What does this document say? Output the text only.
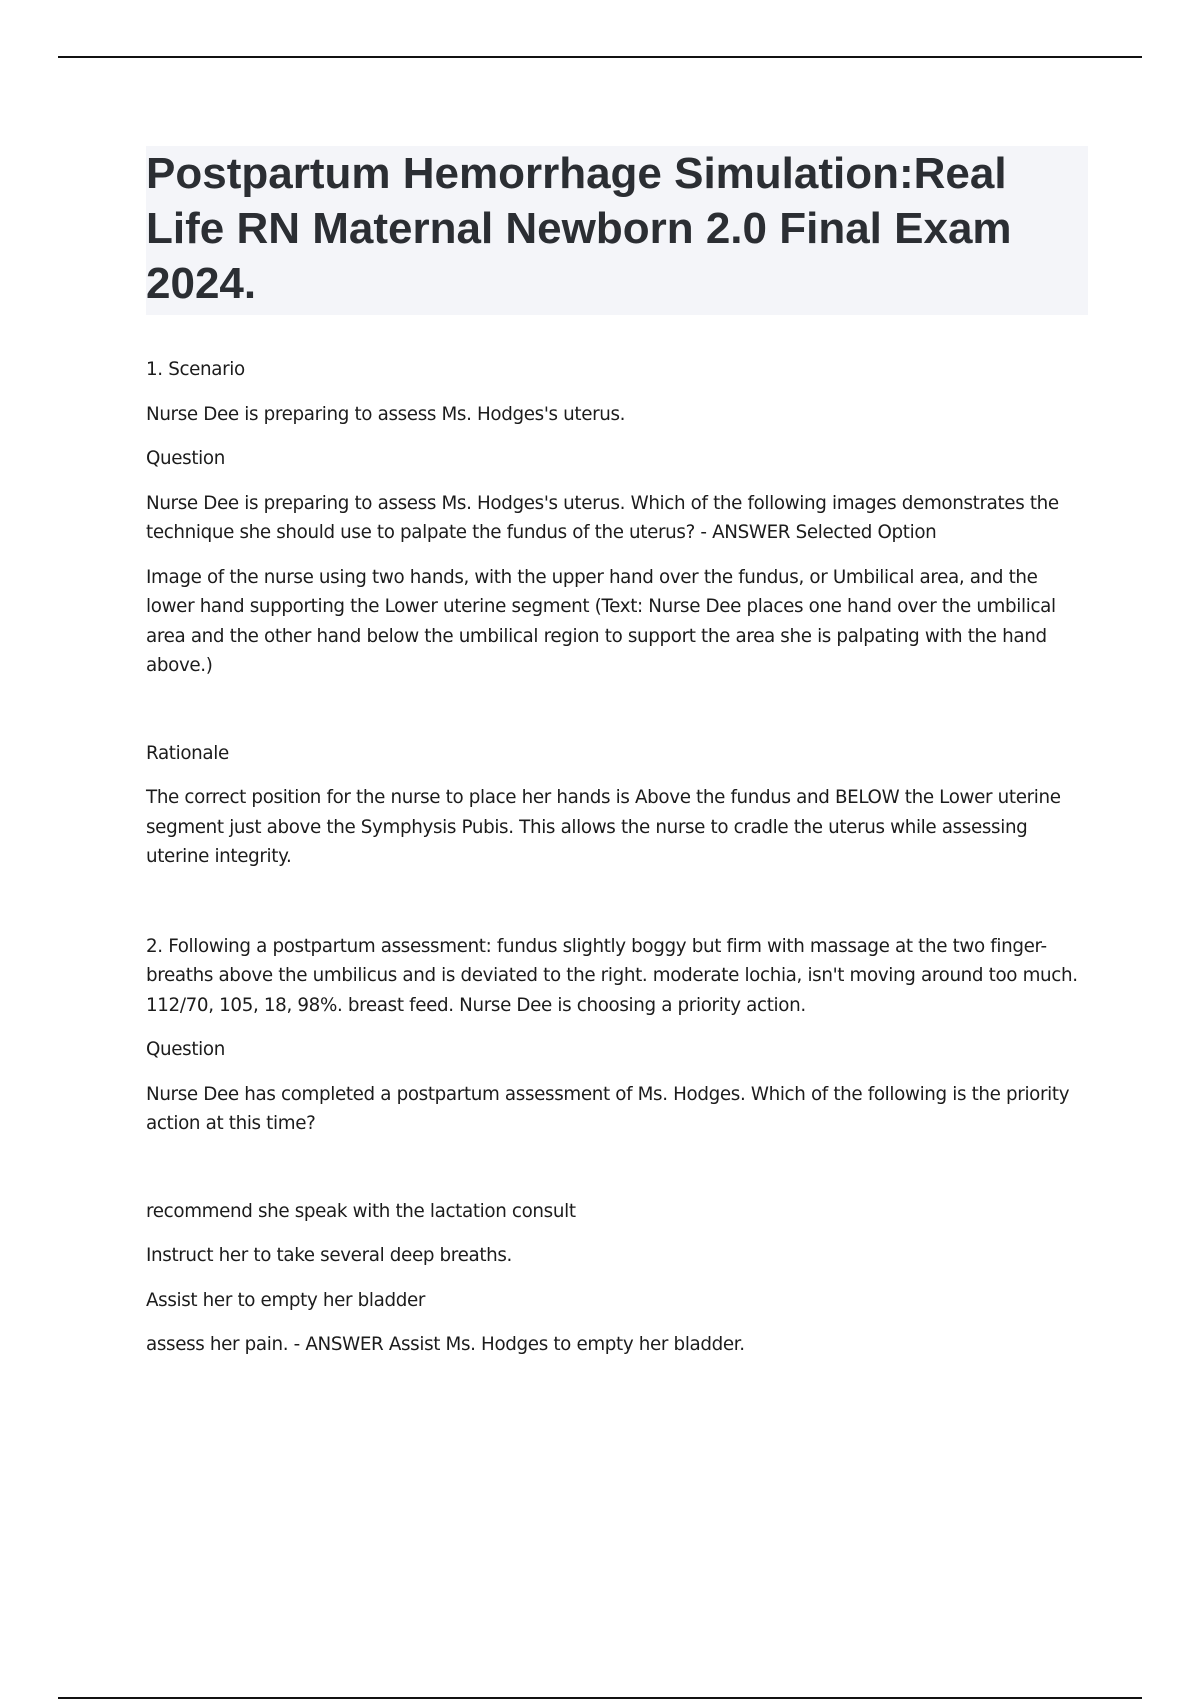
Postpartum Hemorrhage Simulation:Real Life RN Maternal Newborn 2.0 Final Exam 2024.

1. Scenario

Nurse Dee is preparing to assess Ms. Hodges's uterus.

Question

Nurse Dee is preparing to assess Ms. Hodges's uterus. Which of the following images demonstrates the technique she should use to palpate the fundus of the uterus? - ANSWER Selected Option

Image of the nurse using two hands, with the upper hand over the fundus, or Umbilical area, and the lower hand supporting the Lower uterine segment (Text: Nurse Dee places one hand over the umbilical area and the other hand below the umbilical region to support the area she is palpating with the hand above.)

Rationale

The correct position for the nurse to place her hands is Above the fundus and BELOW the Lower uterine segment just above the Symphysis Pubis. This allows the nurse to cradle the uterus while assessing uterine integrity.

2. Following a postpartum assessment: fundus slightly boggy but firm with massage at the two finger-breaths above the umbilicus and is deviated to the right. moderate lochia, isn't moving around too much. 112/70, 105, 18, 98%. breast feed. Nurse Dee is choosing a priority action.

Question

Nurse Dee has completed a postpartum assessment of Ms. Hodges. Which of the following is the priority action at this time?

recommend she speak with the lactation consult

Instruct her to take several deep breaths.

Assist her to empty her bladder

assess her pain. - ANSWER Assist Ms. Hodges to empty her bladder.
